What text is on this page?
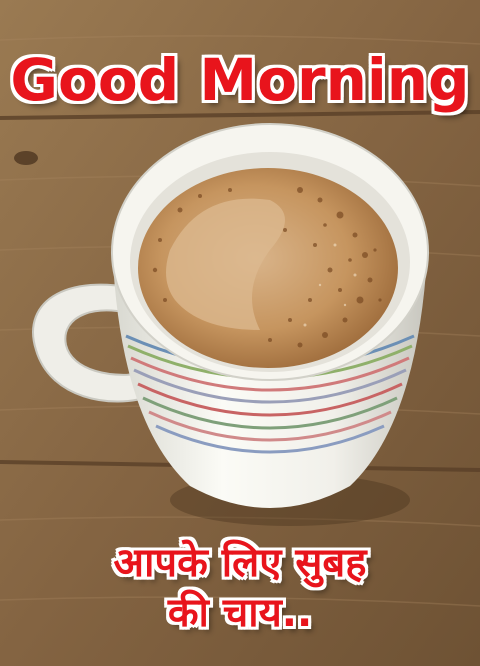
Good Morning
आपके लिए सुबह
की चाय..
